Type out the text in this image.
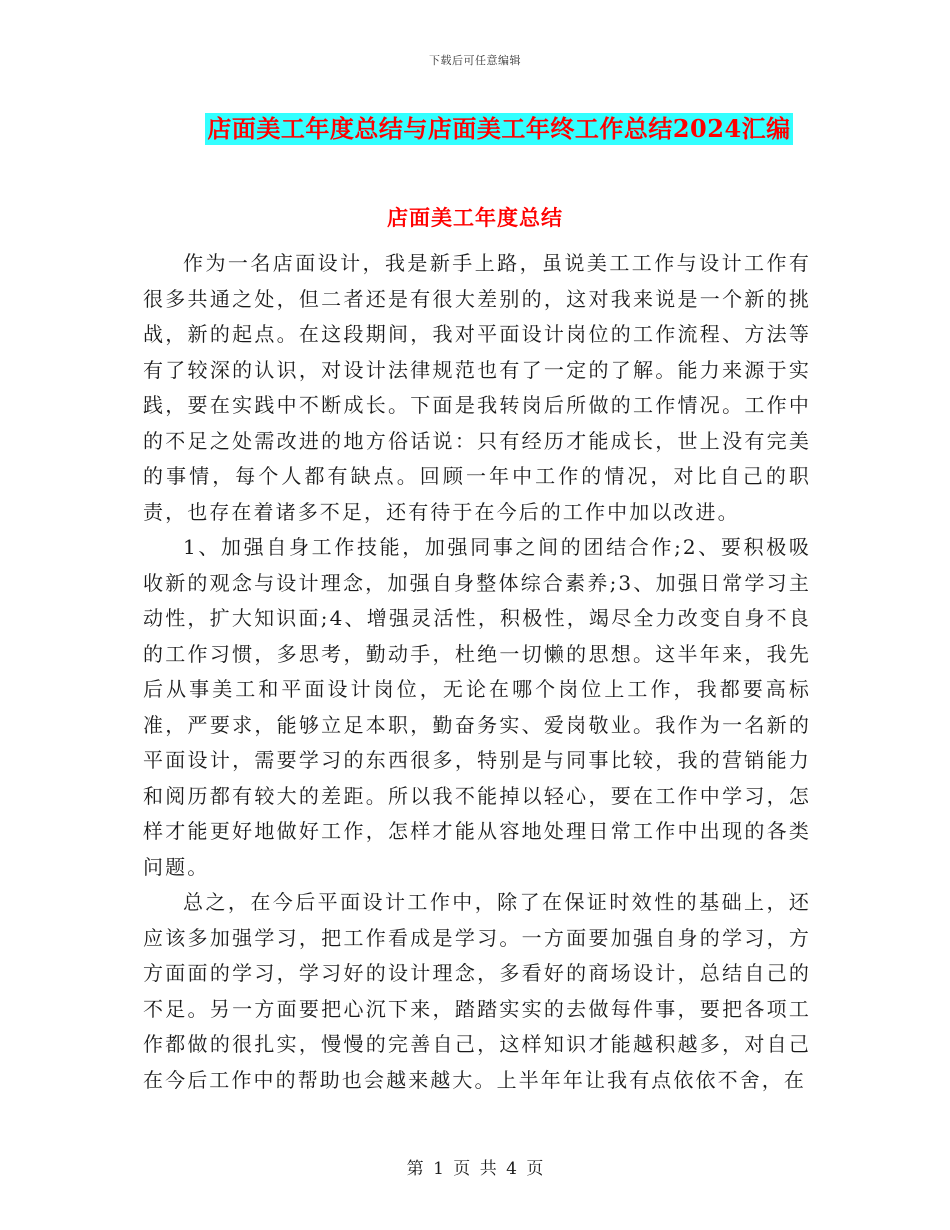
下载后可任意编辑
店面美工年度总结与店面美工年终工作总结2024汇编
店面美工年度总结

作为一名店面设计，我是新手上路，虽说美工工作与设计工作有很多共通之处，但二者还是有很大差别的，这对我来说是一个新的挑战，新的起点。在这段期间，我对平面设计岗位的工作流程、方法等有了较深的认识，对设计法律规范也有了一定的了解。能力来源于实践，要在实践中不断成长。下面是我转岗后所做的工作情况。工作中的不足之处需改进的地方俗话说：只有经历才能成长，世上没有完美的事情，每个人都有缺点。回顾一年中工作的情况，对比自己的职责，也存在着诸多不足，还有待于在今后的工作中加以改进。

1、加强自身工作技能，加强同事之间的团结合作;2、要积极吸收新的观念与设计理念，加强自身整体综合素养;3、加强日常学习主动性，扩大知识面;4、增强灵活性，积极性，竭尽全力改变自身不良的工作习惯，多思考，勤动手，杜绝一切懒的思想。这半年来，我先后从事美工和平面设计岗位，无论在哪个岗位上工作，我都要高标准，严要求，能够立足本职，勤奋务实、爱岗敬业。我作为一名新的平面设计，需要学习的东西很多，特别是与同事比较，我的营销能力和阅历都有较大的差距。所以我不能掉以轻心，要在工作中学习，怎样才能更好地做好工作，怎样才能从容地处理日常工作中出现的各类问题。

总之，在今后平面设计工作中，除了在保证时效性的基础上，还应该多加强学习，把工作看成是学习。一方面要加强自身的学习，方方面面的学习，学习好的设计理念，多看好的商场设计，总结自己的不足。另一方面要把心沉下来，踏踏实实的去做每件事，要把各项工作都做的很扎实，慢慢的完善自己，这样知识才能越积越多，对自己在今后工作中的帮助也会越来越大。上半年年让我有点依依不舍，在

第 1 页 共 4 页
